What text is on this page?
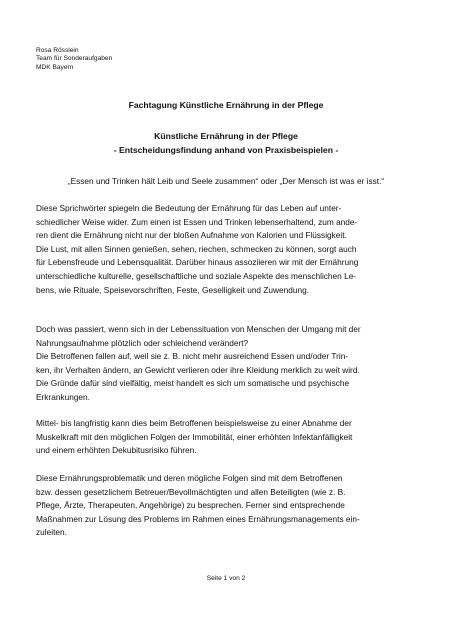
Rosa Rösslein
Team für Sonderaufgaben
MDK Bayern
Fachtagung Künstliche Ernährung in der Pflege
Künstliche Ernährung in der Pflege
- Entscheidungsfindung anhand von Praxisbeispielen -
„Essen und Trinken hält Leib und Seele zusammen“ oder „Der Mensch ist was er isst.“
Diese Sprichwörter spiegeln die Bedeutung der Ernährung für das Leben auf unter-
schiedlicher Weise wider. Zum einen ist Essen und Trinken lebenserhaltend, zum ande-
ren dient die Ernährung nicht nur der bloßen Aufnahme von Kalorien und Flüssigkeit.
Die Lust, mit allen Sinnen genießen, sehen, riechen, schmecken zu können, sorgt auch
für Lebensfreude und Lebensqualität. Darüber hinaus assoziieren wir mit der Ernährung
unterschiedliche kulturelle, gesellschaftliche und soziale Aspekte des menschlichen Le-
bens, wie Rituale, Speisevorschriften, Feste, Geselligkeit und Zuwendung.
Doch was passiert, wenn sich in der Lebenssituation von Menschen der Umgang mit der
Nahrungsaufnahme plötzlich oder schleichend verändert?
Die Betroffenen fallen auf, weil sie z. B. nicht mehr ausreichend Essen und/oder Trin-
ken, ihr Verhalten ändern, an Gewicht verlieren oder ihre Kleidung merklich zu weit wird.
Die Gründe dafür sind vielfältig, meist handelt es sich um somatische und psychische
Erkrankungen.
Mittel- bis langfristig kann dies beim Betroffenen beispielsweise zu einer Abnahme der
Muskelkraft mit den möglichen Folgen der Immobilität, einer erhöhten Infektanfälligkeit
und einem erhöhten Dekubitusrisiko führen.
Diese Ernährungsproblematik und deren mögliche Folgen sind mit dem Betroffenen
bzw. dessen gesetzlichem Betreuer/Bevollmächtigten und allen Beteiligten (wie z. B.
Pflege, Ärzte, Therapeuten, Angehörige) zu besprechen. Ferner sind entsprechende
Maßnahmen zur Lösung des Problems im Rahmen eines Ernährungsmanagements ein-
zuleiten.
Seite 1 von 2
